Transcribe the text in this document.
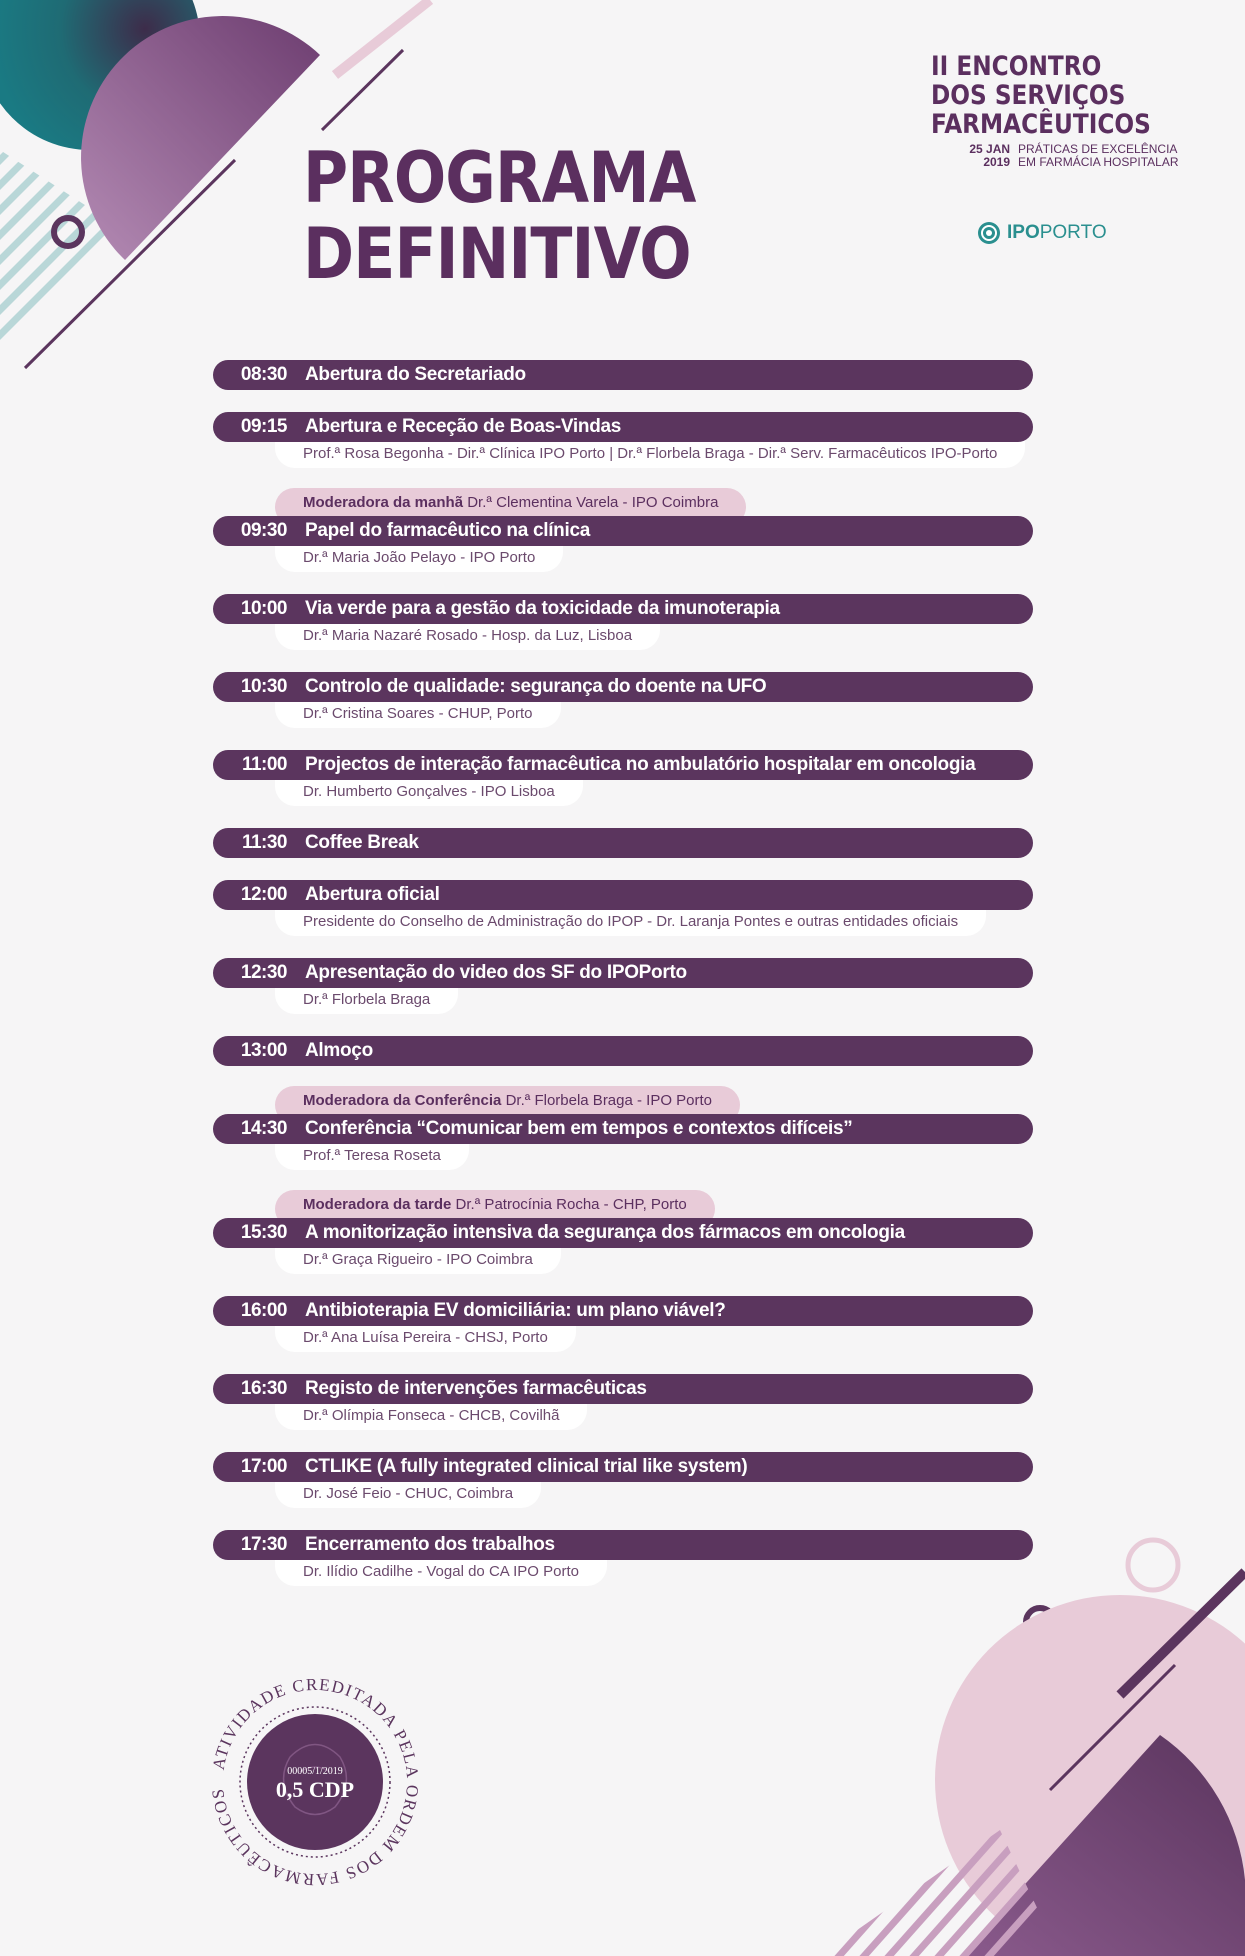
PROGRAMA
DEFINITIVO
II ENCONTRO
DOS SERVIÇOS
FARMACÊUTICOS
25 JAN
2019
PRÁTICAS DE EXCELÊNCIA
EM FARMÁCIA HOSPITALAR
IPOPORTO
08:30 Abertura do Secretariado
09:15 Abertura e Receção de Boas-Vindas
Prof.ª Rosa Begonha - Dir.ª Clínica IPO Porto | Dr.ª Florbela Braga - Dir.ª Serv. Farmacêuticos IPO-Porto
Moderadora da manhã Dr.ª Clementina Varela - IPO Coimbra
09:30 Papel do farmacêutico na clínica
Dr.ª Maria João Pelayo - IPO Porto
10:00 Via verde para a gestão da toxicidade da imunoterapia
Dr.ª Maria Nazaré Rosado - Hosp. da Luz, Lisboa
10:30 Controlo de qualidade: segurança do doente na UFO
Dr.ª Cristina Soares - CHUP, Porto
11:00 Projectos de interação farmacêutica no ambulatório hospitalar em oncologia
Dr. Humberto Gonçalves - IPO Lisboa
11:30 Coffee Break
12:00 Abertura oficial
Presidente do Conselho de Administração do IPOP - Dr. Laranja Pontes e outras entidades oficiais
12:30 Apresentação do video dos SF do IPOPorto
Dr.ª Florbela Braga
13:00 Almoço
Moderadora da Conferência Dr.ª Florbela Braga - IPO Porto
14:30 Conferência “Comunicar bem em tempos e contextos difíceis”
Prof.ª Teresa Roseta
Moderadora da tarde Dr.ª Patrocínia Rocha - CHP, Porto
15:30 A monitorização intensiva da segurança dos fármacos em oncologia
Dr.ª Graça Rigueiro - IPO Coimbra
16:00 Antibioterapia EV domiciliária: um plano viável?
Dr.ª Ana Luísa Pereira - CHSJ, Porto
16:30 Registo de intervenções farmacêuticas
Dr.ª Olímpia Fonseca - CHCB, Covilhã
17:00 CTLIKE (A fully integrated clinical trial like system)
Dr. José Feio - CHUC, Coimbra
17:30 Encerramento dos trabalhos
Dr. Ilídio Cadilhe - Vogal do CA IPO Porto
ATIVIDADE CREDITADA PELA ORDEM DOS FARMACÊUTICOS
00005/1/2019
0,5 CDP
